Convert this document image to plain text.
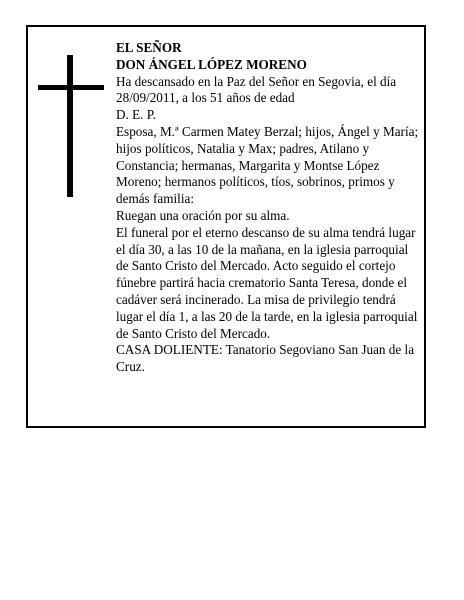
EL SEÑOR

DON ÁNGEL LÓPEZ MORENO

Ha descansado en la Paz del Señor en Segovia, el día 28/09/2011, a los 51 años de edad

D. E. P.

Esposa, M.ª Carmen Matey Berzal; hijos, Ángel y María; hijos políticos, Natalia y Max; padres, Atilano y Constancia; hermanas, Margarita y Montse López Moreno; hermanos políticos, tíos, sobrinos, primos y demás familia:

Ruegan una oración por su alma.

El funeral por el eterno descanso de su alma tendrá lugar el día 30, a las 10 de la mañana, en la iglesia parroquial de Santo Cristo del Mercado. Acto seguido el cortejo fúnebre partirá hacia crematorio Santa Teresa, donde el cadáver será incinerado. La misa de privilegio tendrá lugar el día 1, a las 20 de la tarde, en la iglesia parroquial de Santo Cristo del Mercado.

CASA DOLIENTE: Tanatorio Segoviano San Juan de la Cruz.
